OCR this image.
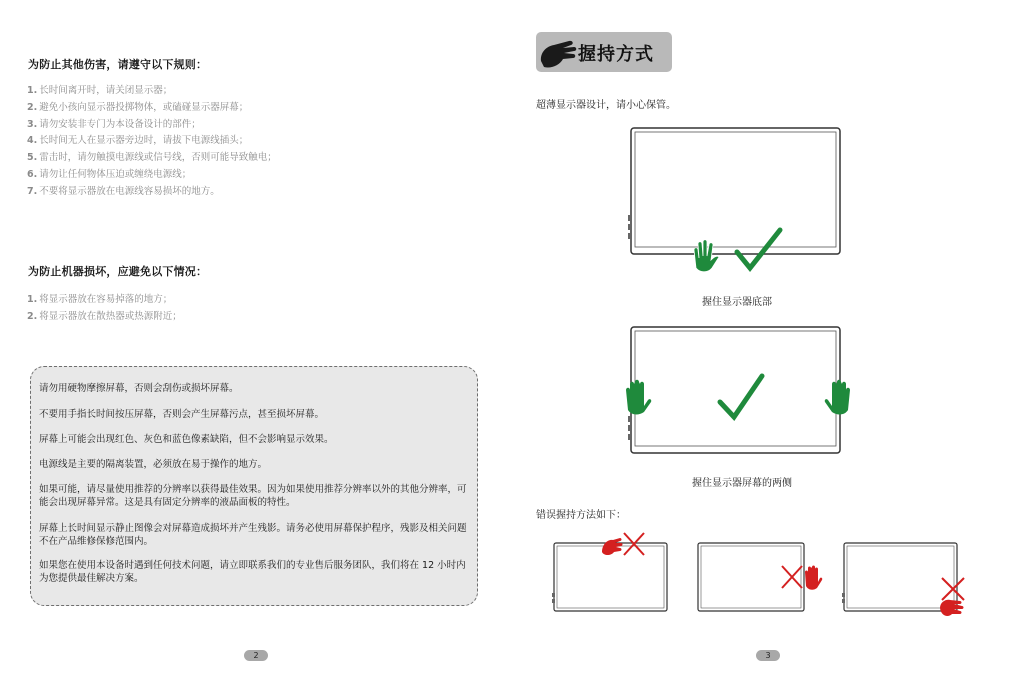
为防止其他伤害，请遵守以下规则：
1. 长时间离开时，请关闭显示器；
2. 避免小孩向显示器投掷物体，或磕碰显示器屏幕；
3. 请勿安装非专门为本设备设计的部件；
4. 长时间无人在显示器旁边时，请拔下电源线插头；
5. 雷击时，请勿触摸电源线或信号线，否则可能导致触电；
6. 请勿让任何物体压迫或缠绕电源线；
7. 不要将显示器放在电源线容易损坏的地方。
为防止机器损坏，应避免以下情况：
1. 将显示器放在容易掉落的地方；
2. 将显示器放在散热器或热源附近；

请勿用硬物摩擦屏幕，否则会刮伤或损坏屏幕。

不要用手指长时间按压屏幕，否则会产生屏幕污点，甚至损坏屏幕。

屏幕上可能会出现红色、灰色和蓝色像素缺陷，但不会影响显示效果。

电源线是主要的隔离装置，必须放在易于操作的地方。

如果可能，请尽量使用推荐的分辨率以获得最佳效果。因为如果使用推荐分辨率以外的其他分辨率，可能会出现屏幕异常。这是具有固定分辨率的液晶面板的特性。

屏幕上长时间显示静止图像会对屏幕造成损坏并产生残影。请务必使用屏幕保护程序，残影及相关问题不在产品维修保修范围内。

如果您在使用本设备时遇到任何技术问题，请立即联系我们的专业售后服务团队，我们将在 12 小时内为您提供最佳解决方案。

2
握持方式
超薄显示器设计，请小心保管。
握住显示器底部
握住显示器屏幕的两侧
错误握持方法如下：
3
